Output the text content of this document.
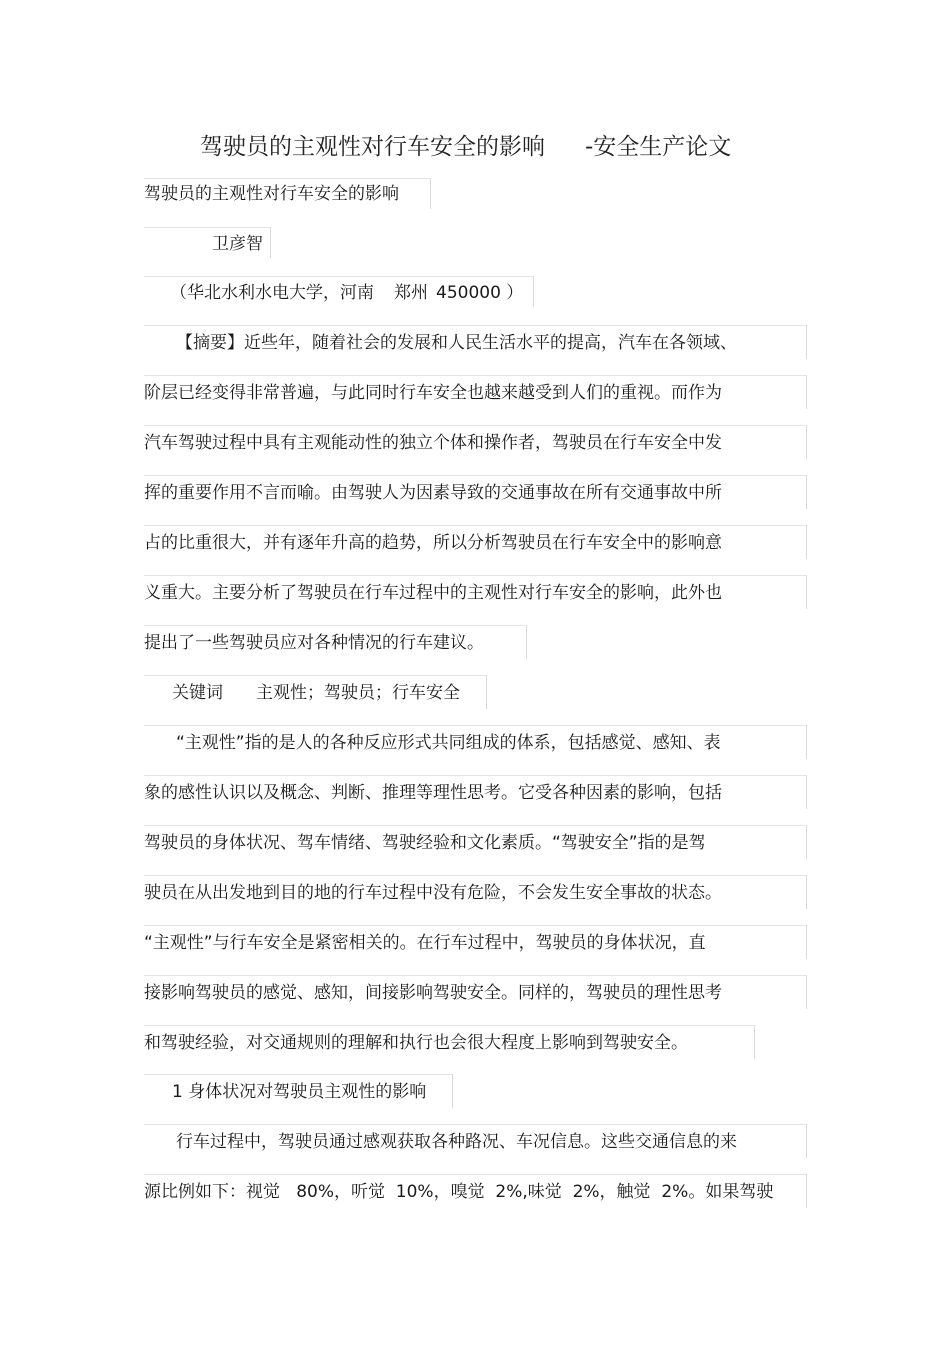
驾驶员的主观性对行车安全的影响 -安全生产论文
驾驶员的主观性对行车安全的影响
卫彦智
（华北水利水电大学，河南 郑州 450000 ）
【摘要】近些年，随着社会的发展和人民生活水平的提高，汽车在各领域、
阶层已经变得非常普遍，与此同时行车安全也越来越受到人们的重视。而作为
汽车驾驶过程中具有主观能动性的独立个体和操作者，驾驶员在行车安全中发
挥的重要作用不言而喻。由驾驶人为因素导致的交通事故在所有交通事故中所
占的比重很大，并有逐年升高的趋势，所以分析驾驶员在行车安全中的影响意
义重大。主要分析了驾驶员在行车过程中的主观性对行车安全的影响，此外也
提出了一些驾驶员应对各种情况的行车建议。
关键词 主观性；驾驶员；行车安全
“主观性”指的是人的各种反应形式共同组成的体系，包括感觉、感知、表
象的感性认识以及概念、判断、推理等理性思考。它受各种因素的影响，包括
驾驶员的身体状况、驾车情绪、驾驶经验和文化素质。“驾驶安全”指的是驾
驶员在从出发地到目的地的行车过程中没有危险，不会发生安全事故的状态。
“主观性”与行车安全是紧密相关的。在行车过程中，驾驶员的身体状况，直
接影响驾驶员的感觉、感知，间接影响驾驶安全。同样的，驾驶员的理性思考
和驾驶经验，对交通规则的理解和执行也会很大程度上影响到驾驶安全。
1 身体状况对驾驶员主观性的影响
行车过程中，驾驶员通过感观获取各种路况、车况信息。这些交通信息的来
源比例如下：视觉   80%，听觉  10%，嗅觉  2%,味觉  2%，触觉  2%。如果驾驶
